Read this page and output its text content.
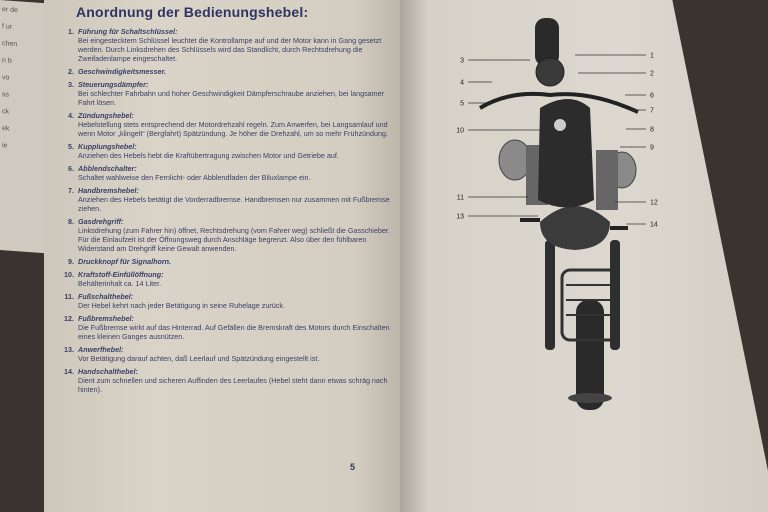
er de
f ur
chen
n b
vo
ss
ck
ek
ie
Anordnung der Bedienungshebel:
1. Führung für Schaltschlüssel:
Bei eingestecktem Schlüssel leuchtet die Kontrollampe auf und der Motor kann in Gang gesetzt werden. Durch Linksdrehen des Schlüssels wird das Standlicht, durch Rechtsdrehung die Zweifadenlampe eingeschaltet.
2. Geschwindigkeitsmesser.
3. Steuerungsdämpfer:
Bei schlechter Fahrbahn und hoher Geschwindigkeit Dämpferschraube anziehen, bei langsamer Fahrt lösen.
4. Zündungshebel:
Hebelstellung stets entsprechend der Motordrehzahl regeln. Zum Anwerfen, bei Langsamlauf und wenn Motor „klingelt“ (Bergfahrt) Spätzündung. Je höher die Drehzahl, um so mehr Frühzündung.
5. Kupplungshebel:
Anziehen des Hebels hebt die Kraftübertragung zwischen Motor und Getriebe auf.
6. Abblendschalter:
Schaltet wahlweise den Fernlicht- oder Abblendfaden der Biluxlampe ein.
7. Handbremshebel:
Anziehen des Hebels betätigt die Vorderradbremse. Handbremsen nur zusammen mit Fußbremse ziehen.
8. Gasdrehgriff:
Linksdrehung (zum Fahrer hin) öffnet, Rechtsdrehung (vom Fahrer weg) schließt die Gasschieber. Für die Einlaufzeit ist der Öffnungsweg durch Anschläge begrenzt. Also über den fühlbaren Widerstand am Drehgriff keine Gewalt anwenden.
9. Druckknopf für Signalhorn.
10. Kraftstoff-Einfüllöffnung:
Behälterinhalt ca. 14 Liter.
11. Fußschalthebel:
Der Hebel kehrt nach jeder Betätigung in seine Ruhelage zurück.
12. Fußbremshebel:
Die Fußbremse wirkt auf das Hinterrad. Auf Gefällen die Bremskraft des Motors durch Einschalten eines kleinen Ganges ausnützen.
13. Anwerfhebel:
Vor Betätigung darauf achten, daß Leerlauf und Spätzündung eingestellt ist.
14. Handschalthebel:
Dient zum schnellen und sicheren Auffinden des Leerlaufes (Hebel steht dann etwas schräg nach hinten).
5
1
2
6
7
8
9
12
14
3
4
5
10
11
13
